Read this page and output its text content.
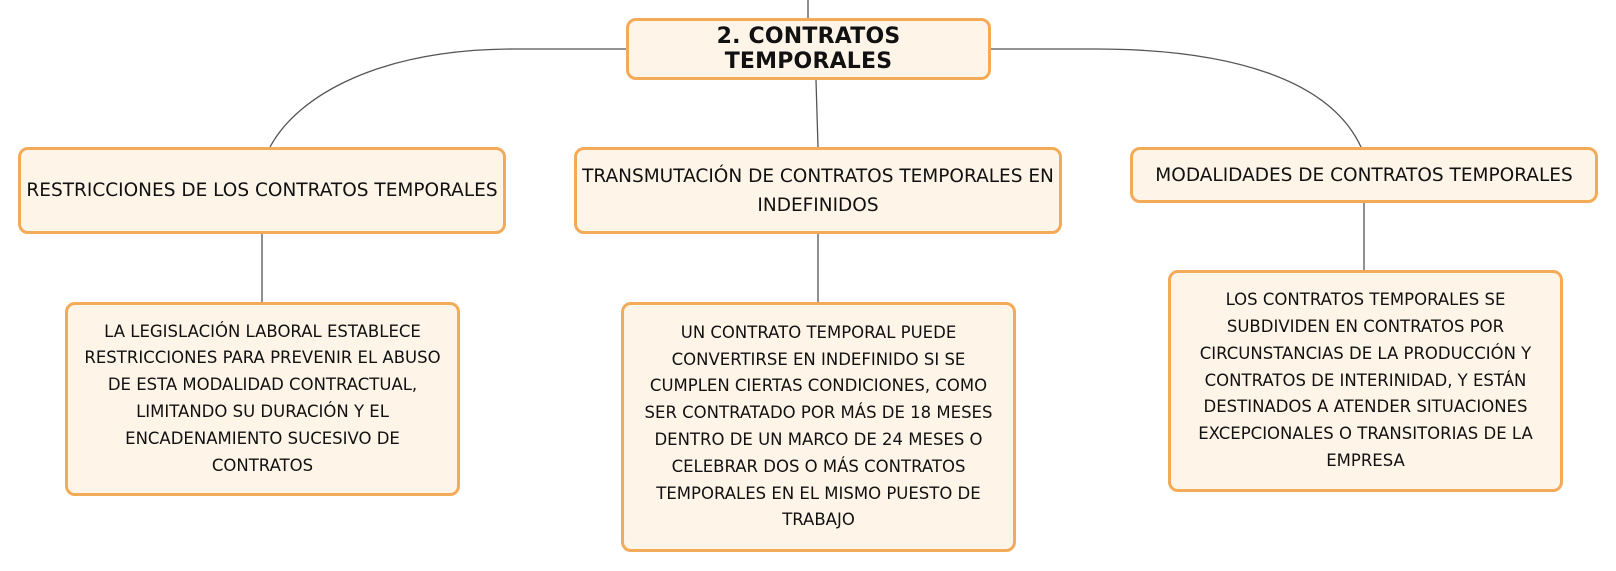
2. CONTRATOS TEMPORALES
RESTRICCIONES DE LOS CONTRATOS TEMPORALES
TRANSMUTACIÓN DE CONTRATOS TEMPORALES EN INDEFINIDOS
MODALIDADES DE CONTRATOS TEMPORALES
LA LEGISLACIÓN LABORAL ESTABLECE RESTRICCIONES PARA PREVENIR EL ABUSO DE ESTA MODALIDAD CONTRACTUAL, LIMITANDO SU DURACIÓN Y EL ENCADENAMIENTO SUCESIVO DE CONTRATOS
UN CONTRATO TEMPORAL PUEDE CONVERTIRSE EN INDEFINIDO SI SE CUMPLEN CIERTAS CONDICIONES, COMO SER CONTRATADO POR MÁS DE 18 MESES DENTRO DE UN MARCO DE 24 MESES O CELEBRAR DOS O MÁS CONTRATOS TEMPORALES EN EL MISMO PUESTO DE TRABAJO
LOS CONTRATOS TEMPORALES SE SUBDIVIDEN EN CONTRATOS POR CIRCUNSTANCIAS DE LA PRODUCCIÓN Y CONTRATOS DE INTERINIDAD, Y ESTÁN DESTINADOS A ATENDER SITUACIONES EXCEPCIONALES O TRANSITORIAS DE LA EMPRESA
